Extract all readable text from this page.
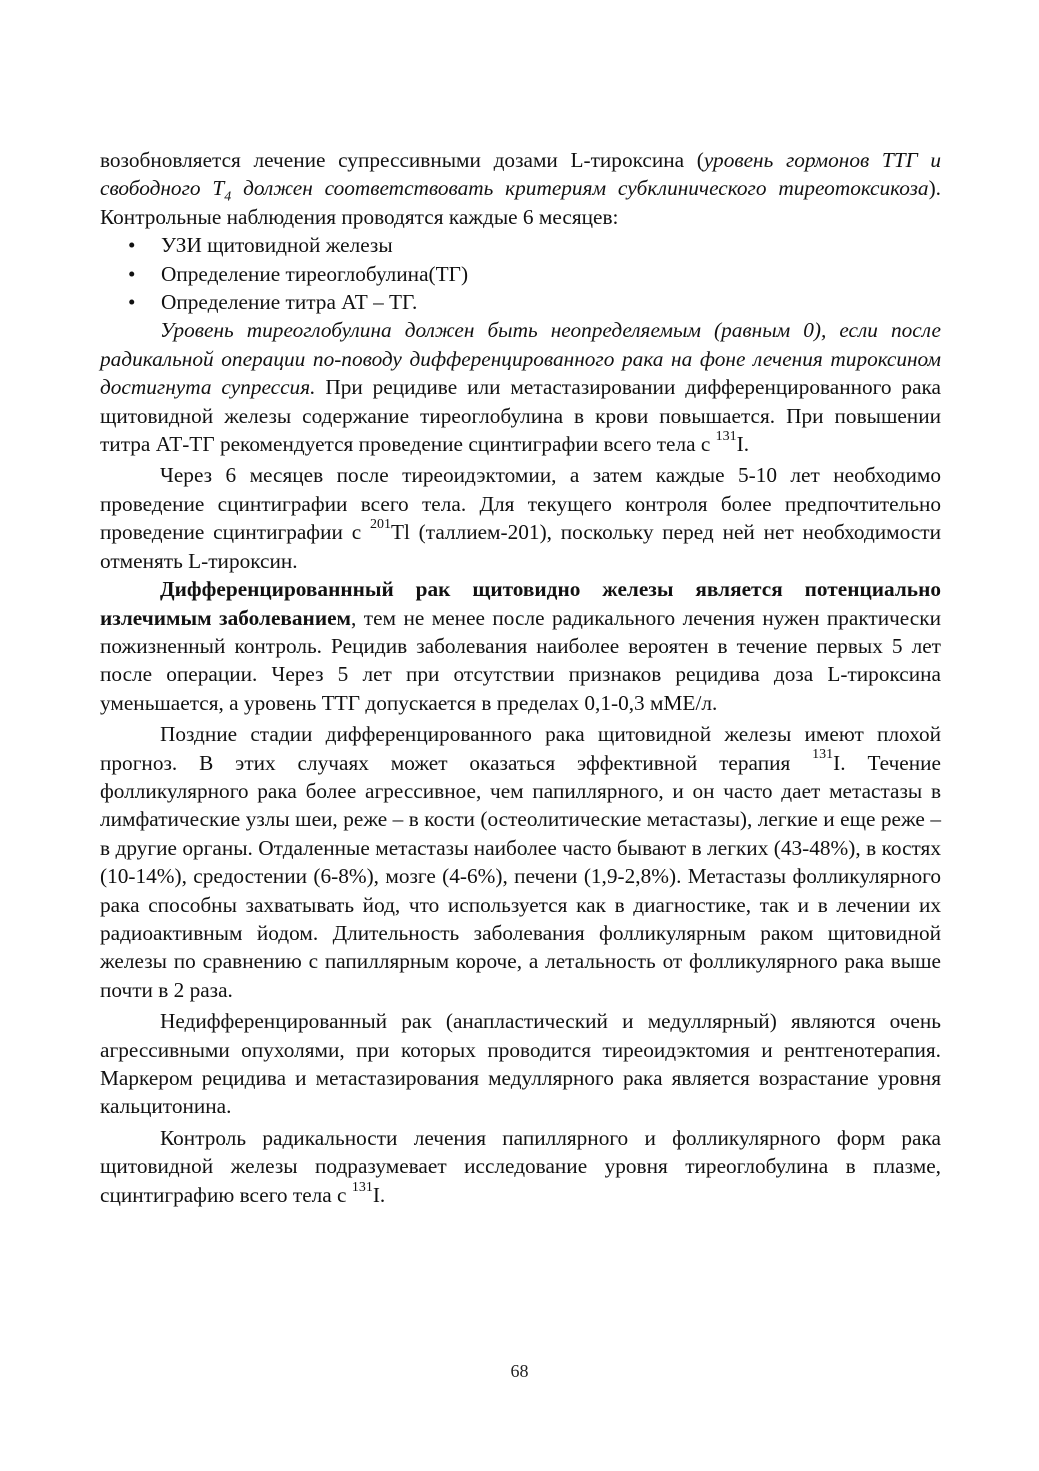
возобновляется лечение супрессивными дозами L-тироксина (уровень гормонов ТТГ и свободного $Т_4$ должен соответствовать критериям субклинического тиреотоксикоза). Контрольные наблюдения проводятся каждые 6 месяцев:

• УЗИ щитовидной железы
• Определение тиреоглобулина(ТГ)
• Определение титра АТ – ТГ.

Уровень тиреоглобулина должен быть неопределяемым (равным 0), если после радикальной операции по-поводу дифференцированного рака на фоне лечения тироксином достигнута супрессия. При рецидиве или метастазировании дифференцированного рака щитовидной железы содержание тиреоглобулина в крови повышается. При повышении титра АТ-ТГ рекомендуется проведение сцинтиграфии всего тела с $^{131}$I.

Через 6 месяцев после тиреоидэктомии, а затем каждые 5-10 лет необходимо проведение сцинтиграфии всего тела. Для текущего контроля более предпочтительно проведение сцинтиграфии с $^{201}$Tl (таллием-201), поскольку перед ней нет необходимости отменять L-тироксин.

Дифференцированнный рак щитовидно железы является потенциально излечимым заболеванием, тем не менее после радикального лечения нужен практически пожизненный контроль. Рецидив заболевания наиболее вероятен в течение первых 5 лет после операции. Через 5 лет при отсутствии признаков рецидива доза L-тироксина уменьшается, а уровень ТТГ допускается в пределах 0,1-0,3 мМЕ/л.

Поздние стадии дифференцированного рака щитовидной железы имеют плохой прогноз. В этих случаях может оказаться эффективной терапия $^{131}$I. Течение фолликулярного рака более агрессивное, чем папиллярного, и он часто дает метастазы в лимфатические узлы шеи, реже – в кости (остеолитические метастазы), легкие и еще реже – в другие органы. Отдаленные метастазы наиболее часто бывают в легких (43-48%), в костях (10-14%), средостении (6-8%), мозге (4-6%), печени (1,9-2,8%). Метастазы фолликулярного рака способны захватывать йод, что используется как в диагностике, так и в лечении их радиоактивным йодом. Длительность заболевания фолликулярным раком щитовидной железы по сравнению с папиллярным короче, а летальность от фолликулярного рака выше почти в 2 раза.

Недифференцированный рак (анапластический и медуллярный) являются очень агрессивными опухолями, при которых проводится тиреоидэктомия и рентгенотерапия. Маркером рецидива и метастазирования медуллярного рака является возрастание уровня кальцитонина.

Контроль радикальности лечения папиллярного и фолликулярного форм рака щитовидной железы подразумевает исследование уровня тиреоглобулина в плазме, сцинтиграфию всего тела с $^{131}$I.

68
